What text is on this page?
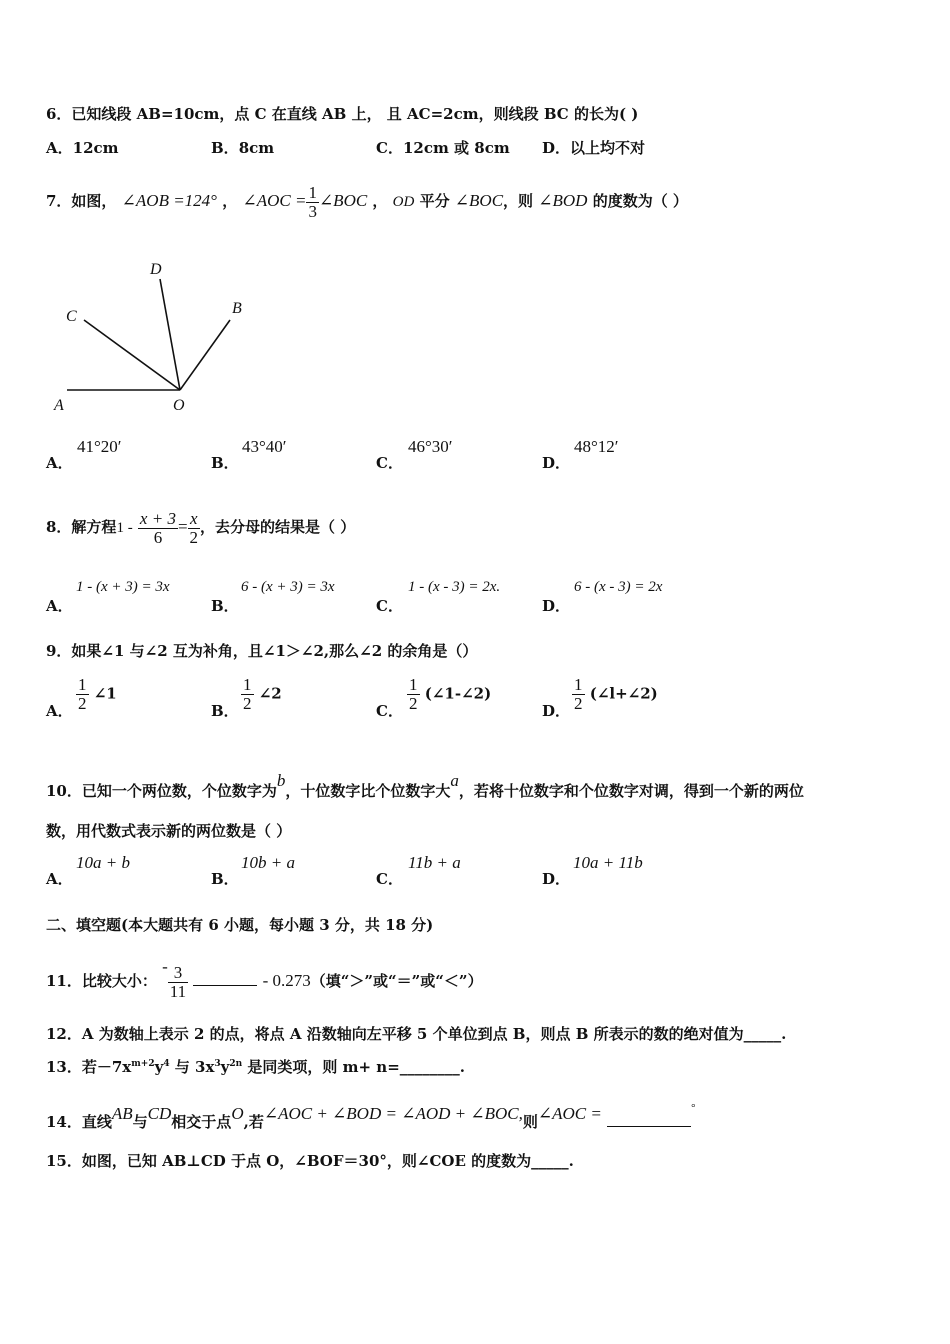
6．已知线段 AB=10cm，点 C 在直线 AB 上， 且 AC=2cm，则线段 BC 的长为( )
A．12cm	B．8cm	C．12cm 或 8cm D．以上均不对
7．如图， ∠AOB =124° ， ∠AOC = $\frac{1}{3}$ ∠BOC ， OD 平分 ∠BOC，则 ∠BOD 的度数为（ ）
A	O
B
C
D
A．
41°20′
B．
43°40′
C．
46°30′
D．
48°12′
8．解方程$1 - \frac{x + 3}{6} = \frac{x}{2}$ ，去分母的结果是（ ）
A．
1 - (x + 3) = 3x
B．
6 - (x + 3) = 3x
C．
1 - (x - 3) = 2x.
D．
6 - (x - 3) = 2x
9．如果∠1 与∠2 互为补角，且∠1＞∠2,那么∠2 的余角是（）
A． $\frac{1}{2}$ ∠1
B． $\frac{1}{2}$ ∠2
C． $\frac{1}{2}$ (∠1-∠2)
D． $\frac{1}{2}$ (∠l+∠2)
10．已知一个两位数，个位数字为b，十位数字比个位数字大a，若将十位数字和个位数字对调，得到一个新的两位
数，用代数式表示新的两位数是（ ）
A．
10a + b
B．
10b + a
C．
11b + a
D．
10a + 11b
二、填空题(本大题共有 6 小题，每小题 3 分，共 18 分)
11．比较大小： - $\frac{3}{11}$	- 0.273（填“＞”或“＝”或“＜”）
12．A 为数轴上表示 2 的点，将点 A 沿数轴向左平移 5 个单位到点 B，则点 B 所表示的数的绝对值为_____.
13．若$-7x^{m+2}y^4$ 与 $3x^3y^{2n}$ 是同类项，则 m+ n=________.
14．直线AB与CD相交于点O,若∠AOC + ∠BOD = ∠AOD + ∠BOC,则∠AOC =	°
15．如图，已知 AB⊥CD 于点 O，∠BOF＝30°，则∠COE 的度数为_____.
